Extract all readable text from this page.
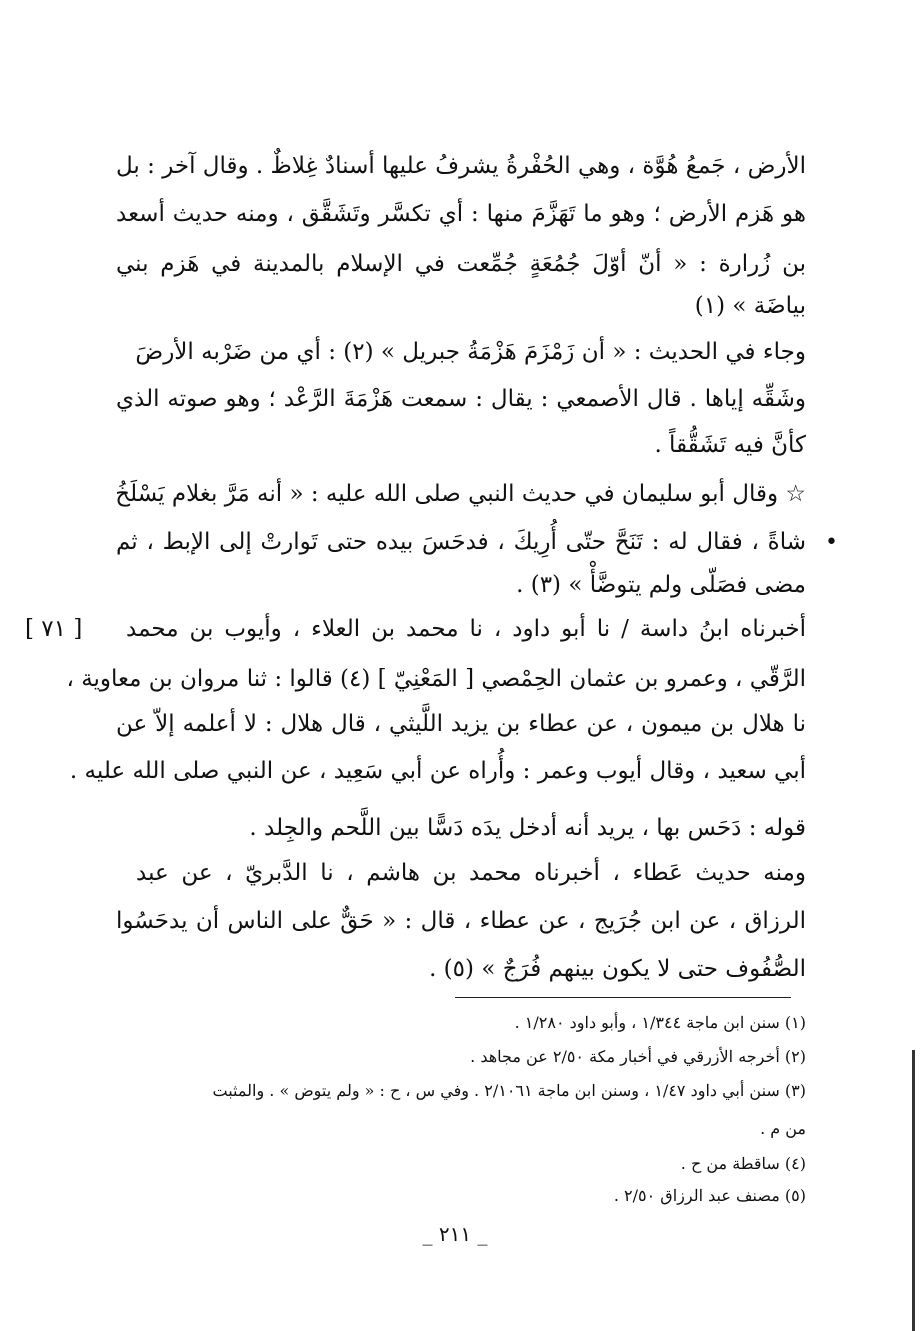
الأرض ، جَمعُ هُوَّة ، وهي الحُفْرةُ يشرفُ عليها أسنادٌ غِلاظٌ . وقال آخر : بل
هو هَزم الأرض ؛ وهو ما تَهَزَّمَ منها : أي تكسَّر وتَشَقَّق ، ومنه حديث أسعد
بن زُرارة : « أنّ أوّلَ جُمُعَةٍ جُمِّعت في الإسلام بالمدينة في هَزم بني
بياضَة » (١)
وجاء في الحديث : « أن زَمْزَمَ هَزْمَةُ جبريل » (٢) : أي من ضَرْبه الأرضَ
وشَقِّه إياها . قال الأصمعي : يقال : سمعت هَزْمَةَ الرَّعْد ؛ وهو صوته الذي
كأنَّ فيه تَشَقُّقاً .
☆ وقال أبو سليمان في حديث النبي صلى الله عليه : « أنه مَرَّ بغلام يَسْلَخُ
شاةً ، فقال له : تَنَحَّ حتّى أُرِيكَ ، فدحَسَ بيده حتى تَوارتْ إلى الإبط ، ثم
مضى فصَلّى ولم يتوضَّأْ » (٣) .
أخبرناه ابنُ داسة / نا أبو داود ، نا محمد بن العلاء ، وأيوب بن محمد
الرَّقّي ، وعمرو بن عثمان الحِمْصي [ المَعْنِيّ ] (٤) قالوا : ثنا مروان بن معاوية ،
نا هلال بن ميمون ، عن عطاء بن يزيد اللَّيثي ، قال هلال : لا أعلمه إلاّ عن
أبي سعيد ، وقال أيوب وعمر : وأُراه عن أبي سَعِيد ، عن النبي صلى الله عليه .
قوله : دَحَس بها ، يريد أنه أدخل يدَه دَسًّا بين اللَّحم والجِلد .
ومنه حديث عَطاء ، أخبرناه محمد بن هاشم ، نا الدَّبريّ ، عن عبد
الرزاق ، عن ابن جُرَيج ، عن عطاء ، قال : « حَقٌّ على الناس أن يدحَسُوا
الصُّفُوف حتى لا يكون بينهم فُرَجٌ » (٥) .
[ ٧١ ]
•
(١) سنن ابن ماجة ١/٣٤٤ ، وأبو داود ١/٢٨٠ .
(٢) أخرجه الأزرقي في أخبار مكة ٢/٥٠ عن مجاهد .
(٣) سنن أبي داود ١/٤٧ ، وسنن ابن ماجة ٢/١٠٦١ . وفي س ، ح : « ولم يتوض » . والمثبت
من م .
(٤) ساقطة من ح .
(٥) مصنف عبد الرزاق ٢/٥٠ .
_ ٢١١ _
